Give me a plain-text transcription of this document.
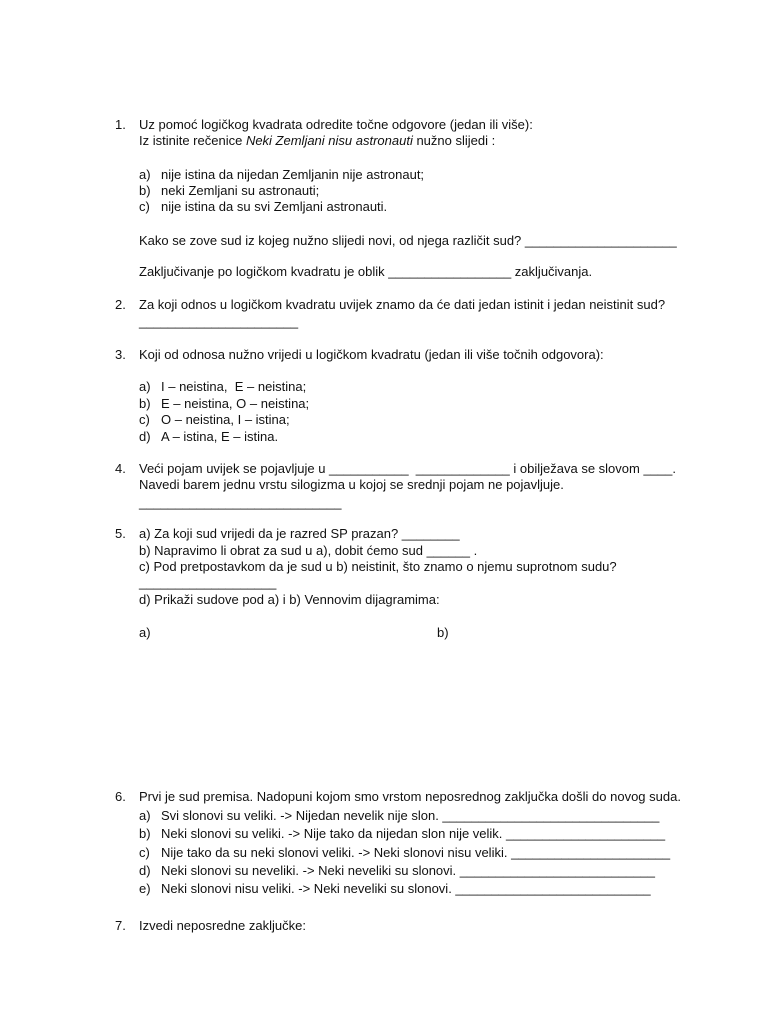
1. Uz pomoć logičkog kvadrata odredite točne odgovore (jedan ili više):
Iz istinite rečenice Neki Zemljani nisu astronauti nužno slijedi :
a) nije istina da nijedan Zemljanin nije astronaut;
b) neki Zemljani su astronauti;
c) nije istina da su svi Zemljani astronauti.
Kako se zove sud iz kojeg nužno slijedi novi, od njega različit sud? _____________________
Zaključivanje po logičkom kvadratu je oblik _________________ zaključivanja.
2. Za koji odnos u logičkom kvadratu uvijek znamo da će dati jedan istinit i jedan neistinit sud?
______________________
3. Koji od odnosa nužno vrijedi u logičkom kvadratu (jedan ili više točnih odgovora):
a) I – neistina,  E – neistina;
b) E – neistina, O – neistina;
c) O – neistina, I – istina;
d) A – istina, E – istina.
4. Veći pojam uvijek se pojavljuje u ___________  _____________ i obilježava se slovom ____.
Navedi barem jednu vrstu silogizma u kojoj se srednji pojam ne pojavljuje.
____________________________
5. a) Za koji sud vrijedi da je razred SP prazan? ________
b) Napravimo li obrat za sud u a), dobit ćemo sud ______ .
c) Pod pretpostavkom da je sud u b) neistinit, što znamo o njemu suprotnom sudu?
___________________
d) Prikaži sudove pod a) i b) Vennovim dijagramima:
a)	b)
6. Prvi je sud premisa. Nadopuni kojom smo vrstom neposrednog zaključka došli do novog suda.
a) Svi slonovi su veliki. -> Nijedan nevelik nije slon. ______________________________
b) Neki slonovi su veliki. -> Nije tako da nijedan slon nije velik. ______________________
c) Nije tako da su neki slonovi veliki. -> Neki slonovi nisu veliki. ______________________
d) Neki slonovi su neveliki. -> Neki neveliki su slonovi. ___________________________
e) Neki slonovi nisu veliki. -> Neki neveliki su slonovi. ___________________________
7. Izvedi neposredne zaključke:
